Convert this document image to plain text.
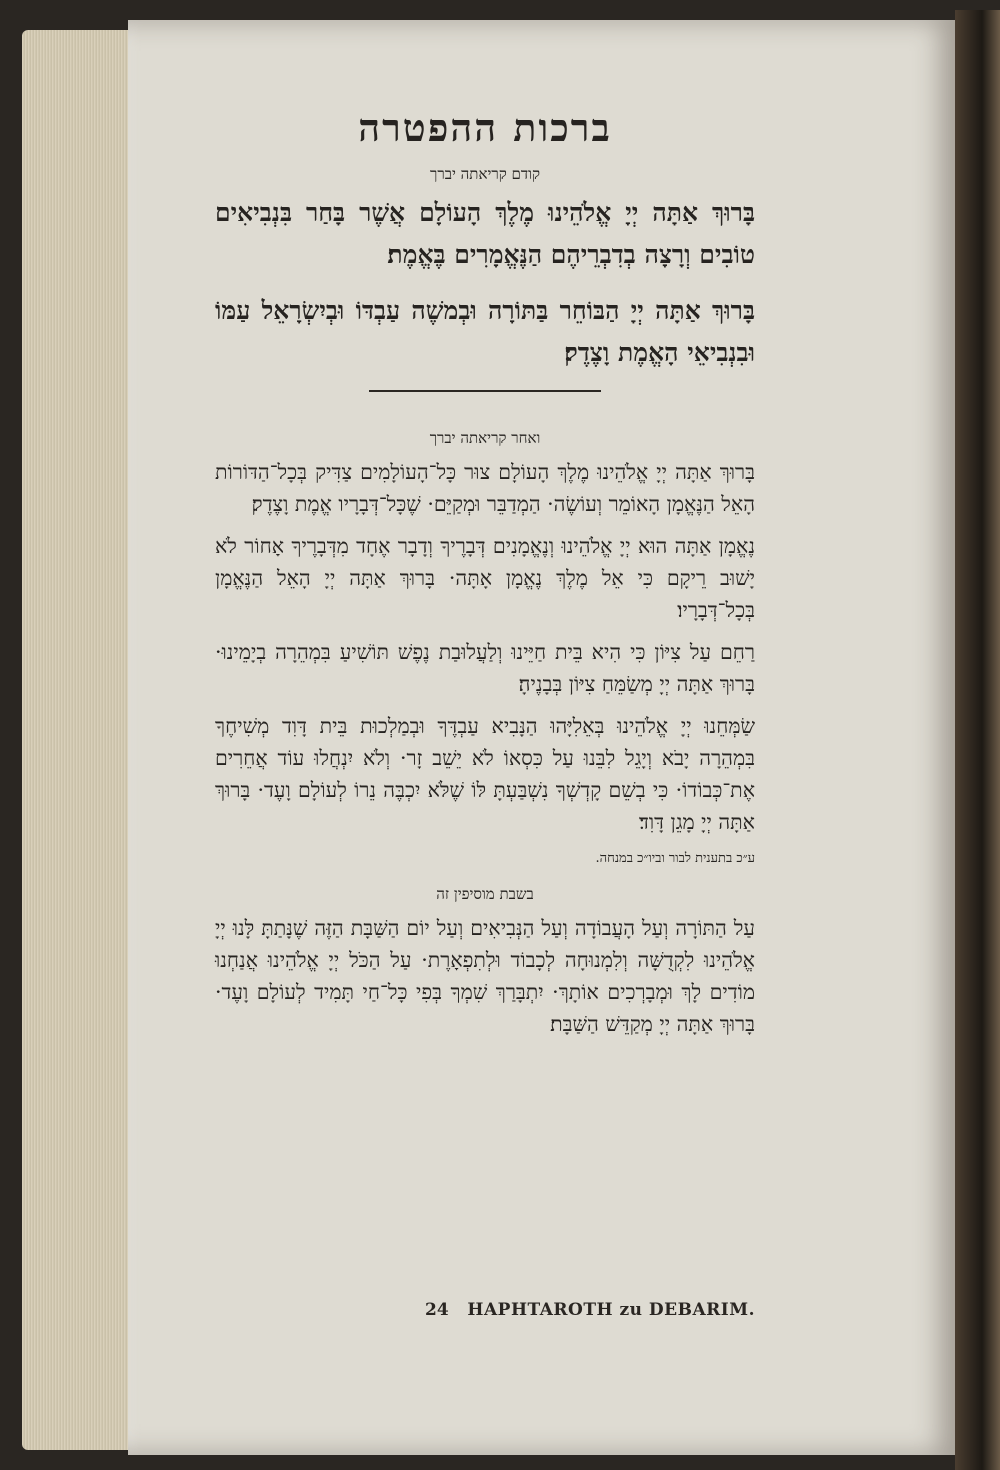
ברכות ההפטרה
קודם קריאתה יברך

בָּרוּךְ אַתָּה יְיָ אֱלֹהֵינוּ מֶלֶךְ הָעוֹלָם אֲשֶׁר בָּחַר בִּנְבִיאִים טוֹבִים וְרָצָה בְדִבְרֵיהֶם הַנֶּאֱמָרִים בֶּאֱמֶת׃

בָּרוּךְ אַתָּה יְיָ הַבּוֹחֵר בַּתּוֹרָה וּבְמשֶׁה עַבְדּוֹ וּבְיִשְׂרָאֵל עַמּוֹ וּבִנְבִיאֵי הָאֱמֶת וָצֶדֶק׃

ואחר קריאתה יברך

בָּרוּךְ אַתָּה יְיָ אֱלֹהֵינוּ מֶלֶךְ הָעוֹלָם צוּר כָּל־הָעוֹלָמִים צַדִּיק בְּכָל־הַדּוֹרוֹת הָאֵל הַנֶּאֱמָן הָאוֹמֵר וְעוֹשֶׂה· הַמְדַבֵּר וּמְקַיֵּם· שֶׁכָּל־דְּבָרָיו אֱמֶת וָצֶדֶק׃

נֶאֱמָן אַתָּה הוּא יְיָ אֱלֹהֵינוּ וְנֶאֱמָנִים דְּבָרֶיךָ וְדָבָר אֶחָד מִדְּבָרֶיךָ אָחוֹר לֹא יָשׁוּב רֵיקָם כִּי אֵל מֶלֶךְ נֶאֱמָן אָתָּה· בָּרוּךְ אַתָּה יְיָ הָאֵל הַנֶּאֱמָן בְּכָל־דְּבָרָיו׃

רַחֵם עַל צִיּוֹן כִּי הִיא בֵּית חַיֵּינוּ וְלַעֲלוּבַת נֶפֶשׁ תּוֹשִׁיעַ בִּמְהֵרָה בְיָמֵינוּ· בָּרוּךְ אַתָּה יְיָ מְשַׂמֵּחַ צִיּוֹן בְּבָנֶיהָ׃

שַׂמְּחֵנוּ יְיָ אֱלֹהֵינוּ בְּאֵלִיָּהוּ הַנָּבִיא עַבְדֶּךָ וּבְמַלְכוּת בֵּית דָּוִד מְשִׁיחֶךָ בִּמְהֵרָה יָבֹא וְיָגֵל לִבֵּנוּ עַל כִּסְאוֹ לֹא יֵשֵׁב זָר· וְלֹא יִנְחֲלוּ עוֹד אֲחֵרִים אֶת־כְּבוֹדוֹ· כִּי בְשֵׁם קָדְשְׁךָ נִשְׁבַּעְתָּ לּוֹ שֶׁלֹּא יִכְבֶּה נֵרוֹ לְעוֹלָם וָעֶד· בָּרוּךְ אַתָּה יְיָ מָגֵן דָּוִד׃

ע״כ בתענית לבור וביו״כ במנחה.
בשבת מוסיפין זה

עַל הַתּוֹרָה וְעַל הָעֲבוֹדָה וְעַל הַנְּבִיאִים וְעַל יוֹם הַשַּׁבָּת הַזֶּה שֶׁנָּתַתָּ לָּנוּ יְיָ אֱלֹהֵינוּ לִקְדֻשָּׁה וְלִמְנוּחָה לְכָבוֹד וּלְתִפְאָרֶת· עַל הַכֹּל יְיָ אֱלֹהֵינוּ אֲנַחְנוּ מוֹדִים לָךְ וּמְבָרְכִים אוֹתָךְ· יִתְבָּרַךְ שִׁמְךָ בְּפִי כָּל־חַי תָּמִיד לְעוֹלָם וָעֶד· בָּרוּךְ אַתָּה יְיָ מְקַדֵּשׁ הַשַּׁבָּת׃

24 HAPHTAROTH zu DEBARIM.
